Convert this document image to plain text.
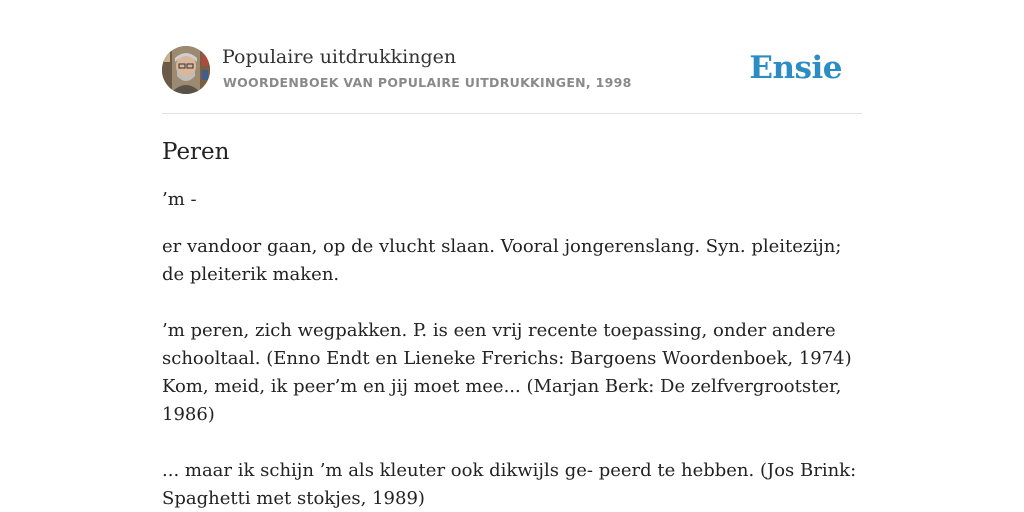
Populaire uitdrukkingen
WOORDENBOEK VAN POPULAIRE UITDRUKKINGEN, 1998	Ensie
Peren
’m -

er vandoor gaan, op de vlucht slaan. Vooral jongerenslang. Syn. pleitezijn; de pleiterik maken.

’m peren, zich wegpakken. P. is een vrij recente toepassing, onder andere schooltaal. (Enno Endt en Lieneke Frerichs: Bargoens Woordenboek, 1974) Kom, meid, ik peer’m en jij moet mee... (Marjan Berk: De zelfvergrootster, 1986)

... maar ik schijn ’m als kleuter ook dikwijls ge- peerd te hebben. (Jos Brink: Spaghetti met stokjes, 1989)
